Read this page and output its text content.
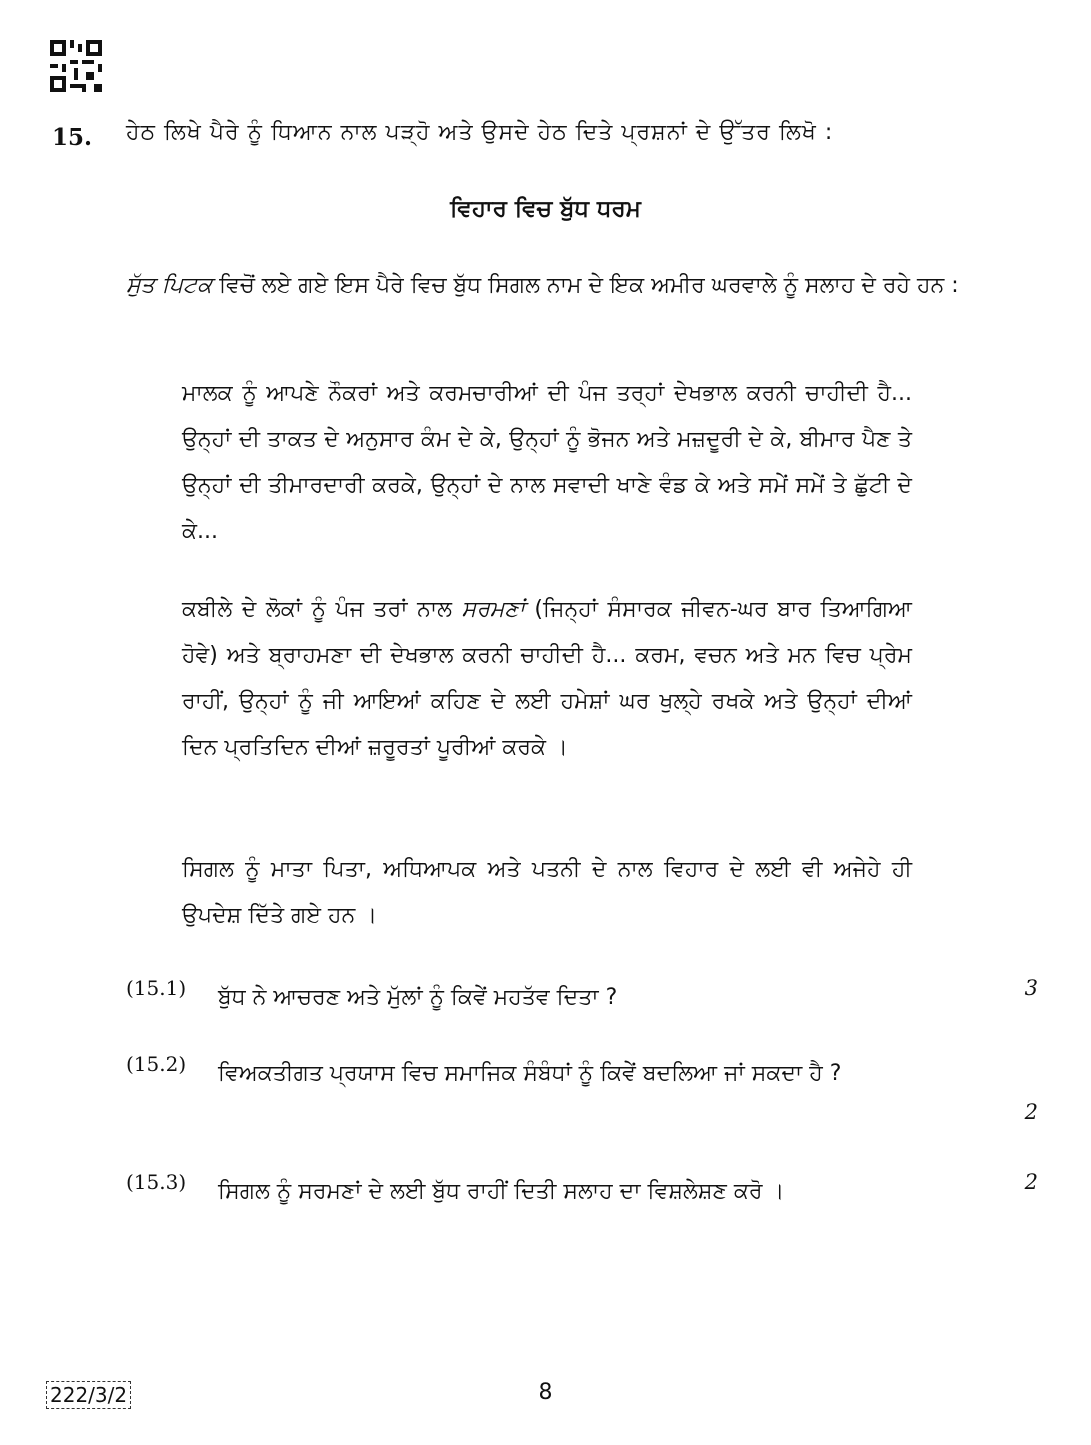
15. ਹੇਠ ਲਿਖੇ ਪੈਰੇ ਨੂੰ ਧਿਆਨ ਨਾਲ ਪੜ੍ਹੋ ਅਤੇ ਉਸਦੇ ਹੇਠ ਦਿਤੇ ਪ੍ਰਸ਼ਨਾਂ ਦੇ ਉੱਤਰ ਲਿਖੋ :
ਵਿਹਾਰ ਵਿਚ ਬੁੱਧ ਧਰਮ
ਸੁੱਤ ਪਿਟਕ ਵਿਚੋਂ ਲਏ ਗਏ ਇਸ ਪੈਰੇ ਵਿਚ ਬੁੱਧ ਸਿਗਲ ਨਾਮ ਦੇ ਇਕ ਅਮੀਰ ਘਰਵਾਲੇ ਨੂੰ ਸਲਾਹ ਦੇ ਰਹੇ ਹਨ :
ਮਾਲਕ ਨੂੰ ਆਪਣੇ ਨੌਕਰਾਂ ਅਤੇ ਕਰਮਚਾਰੀਆਂ ਦੀ ਪੰਜ ਤਰ੍ਹਾਂ ਦੇਖਭਾਲ ਕਰਨੀ ਚਾਹੀਦੀ ਹੈ... ਉਨ੍ਹਾਂ ਦੀ ਤਾਕਤ ਦੇ ਅਨੁਸਾਰ ਕੰਮ ਦੇ ਕੇ, ਉਨ੍ਹਾਂ ਨੂੰ ਭੋਜਨ ਅਤੇ ਮਜ਼ਦੂਰੀ ਦੇ ਕੇ, ਬੀਮਾਰ ਪੈਣ ਤੇ ਉਨ੍ਹਾਂ ਦੀ ਤੀਮਾਰਦਾਰੀ ਕਰਕੇ, ਉਨ੍ਹਾਂ ਦੇ ਨਾਲ ਸਵਾਦੀ ਖਾਣੇ ਵੰਡ ਕੇ ਅਤੇ ਸਮੇਂ ਸਮੇਂ ਤੇ ਛੁੱਟੀ ਦੇ ਕੇ...
ਕਬੀਲੇ ਦੇ ਲੋਕਾਂ ਨੂੰ ਪੰਜ ਤਰਾਂ ਨਾਲ ਸਰਮਣਾਂ (ਜਿਨ੍ਹਾਂ ਸੰਸਾਰਕ ਜੀਵਨ-ਘਰ ਬਾਰ ਤਿਆਗਿਆ ਹੋਵੇ) ਅਤੇ ਬ੍ਰਾਹਮਣਾ ਦੀ ਦੇਖਭਾਲ ਕਰਨੀ ਚਾਹੀਦੀ ਹੈ... ਕਰਮ, ਵਚਨ ਅਤੇ ਮਨ ਵਿਚ ਪ੍ਰੇਮ ਰਾਹੀਂ, ਉਨ੍ਹਾਂ ਨੂੰ ਜੀ ਆਇਆਂ ਕਹਿਣ ਦੇ ਲਈ ਹਮੇਸ਼ਾਂ ਘਰ ਖੁਲ੍ਹੇ ਰਖਕੇ ਅਤੇ ਉਨ੍ਹਾਂ ਦੀਆਂ ਦਿਨ ਪ੍ਰਤਿਦਿਨ ਦੀਆਂ ਜ਼ਰੂਰਤਾਂ ਪੂਰੀਆਂ ਕਰਕੇ ।
ਸਿਗਲ ਨੂੰ ਮਾਤਾ ਪਿਤਾ, ਅਧਿਆਪਕ ਅਤੇ ਪਤਨੀ ਦੇ ਨਾਲ ਵਿਹਾਰ ਦੇ ਲਈ ਵੀ ਅਜੇਹੇ ਹੀ ਉਪਦੇਸ਼ ਦਿੱਤੇ ਗਏ ਹਨ ।
(15.1) ਬੁੱਧ ਨੇ ਆਚਰਣ ਅਤੇ ਮੁੱਲਾਂ ਨੂੰ ਕਿਵੇਂ ਮਹਤੱਵ ਦਿਤਾ ?	3
(15.2) ਵਿਅਕਤੀਗਤ ਪ੍ਰਯਾਸ ਵਿਚ ਸਮਾਜਿਕ ਸੰਬੰਧਾਂ ਨੂੰ ਕਿਵੇਂ ਬਦਲਿਆ ਜਾਂ ਸਕਦਾ ਹੈ ?
2
(15.3) ਸਿਗਲ ਨੂੰ ਸਰਮਣਾਂ ਦੇ ਲਈ ਬੁੱਧ ਰਾਹੀਂ ਦਿਤੀ ਸਲਾਹ ਦਾ ਵਿਸ਼ਲੇਸ਼ਣ ਕਰੋ ।	2
222/3/2	8
